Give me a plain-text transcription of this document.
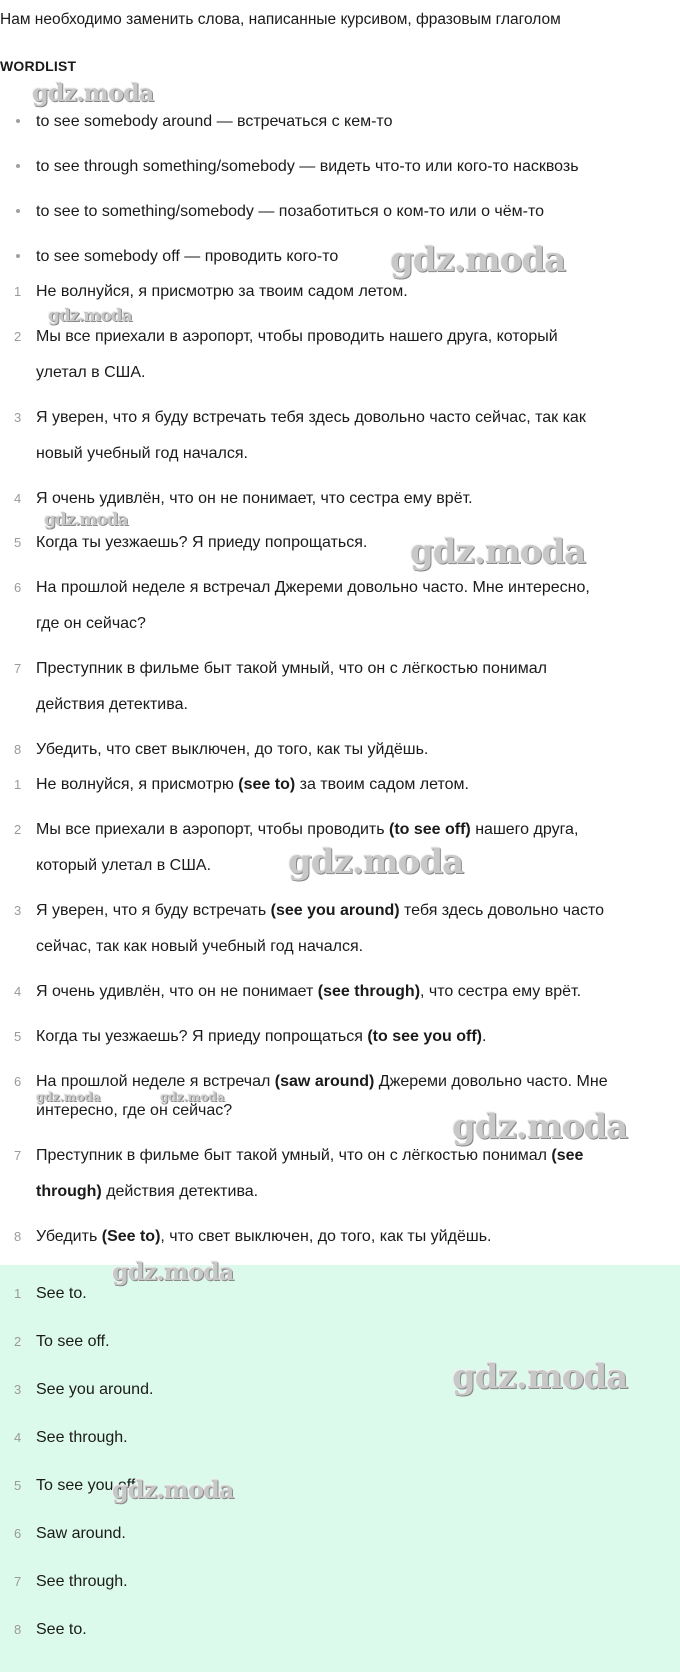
Нам необходимо заменить слова, написанные курсивом, фразовым глаголом
WORDLIST
to see somebody around — встречаться с кем-то
to see through something/somebody — видеть что-то или кого-то насквозь
to see to something/somebody — позаботиться о ком-то или о чём-то
to see somebody off — проводить кого-то
1 Не волнуйся, я присмотрю за твоим садом летом.
2 Мы все приехали в аэропорт, чтобы проводить нашего друга, который
улетал в США.
3 Я уверен, что я буду встречать тебя здесь довольно часто сейчас, так как
новый учебный год начался.
4 Я очень удивлён, что он не понимает, что сестра ему врёт.
5 Когда ты уезжаешь? Я приеду попрощаться.
6 На прошлой неделе я встречал Джереми довольно часто. Мне интересно,
где он сейчас?
7 Преступник в фильме быт такой умный, что он с лёгкостью понимал
действия детектива.
8 Убедить, что свет выключен, до того, как ты уйдёшь.
1 Не волнуйся, я присмотрю (see to) за твоим садом летом.
2 Мы все приехали в аэропорт, чтобы проводить (to see off) нашего друга,
который улетал в США.
3 Я уверен, что я буду встречать (see you around) тебя здесь довольно часто
сейчас, так как новый учебный год начался.
4 Я очень удивлён, что он не понимает (see through), что сестра ему врёт.
5 Когда ты уезжаешь? Я приеду попрощаться (to see you off).
6 На прошлой неделе я встречал (saw around) Джереми довольно часто. Мне
интересно, где он сейчас?
7 Преступник в фильме быт такой умный, что он с лёгкостью понимал (see
through) действия детектива.
8 Убедить (See to), что свет выключен, до того, как ты уйдёшь.
1 See to.
2 To see off.
3 See you around.
4 See through.
5 To see you off.
6 Saw around.
7 See through.
8 See to.
gdz.moda
gdz.moda
gdz.moda
gdz.moda
gdz.moda
gdz.moda
gdz.moda	gdz.moda
gdz.moda
gdz.moda
gdz.moda
gdz.moda
